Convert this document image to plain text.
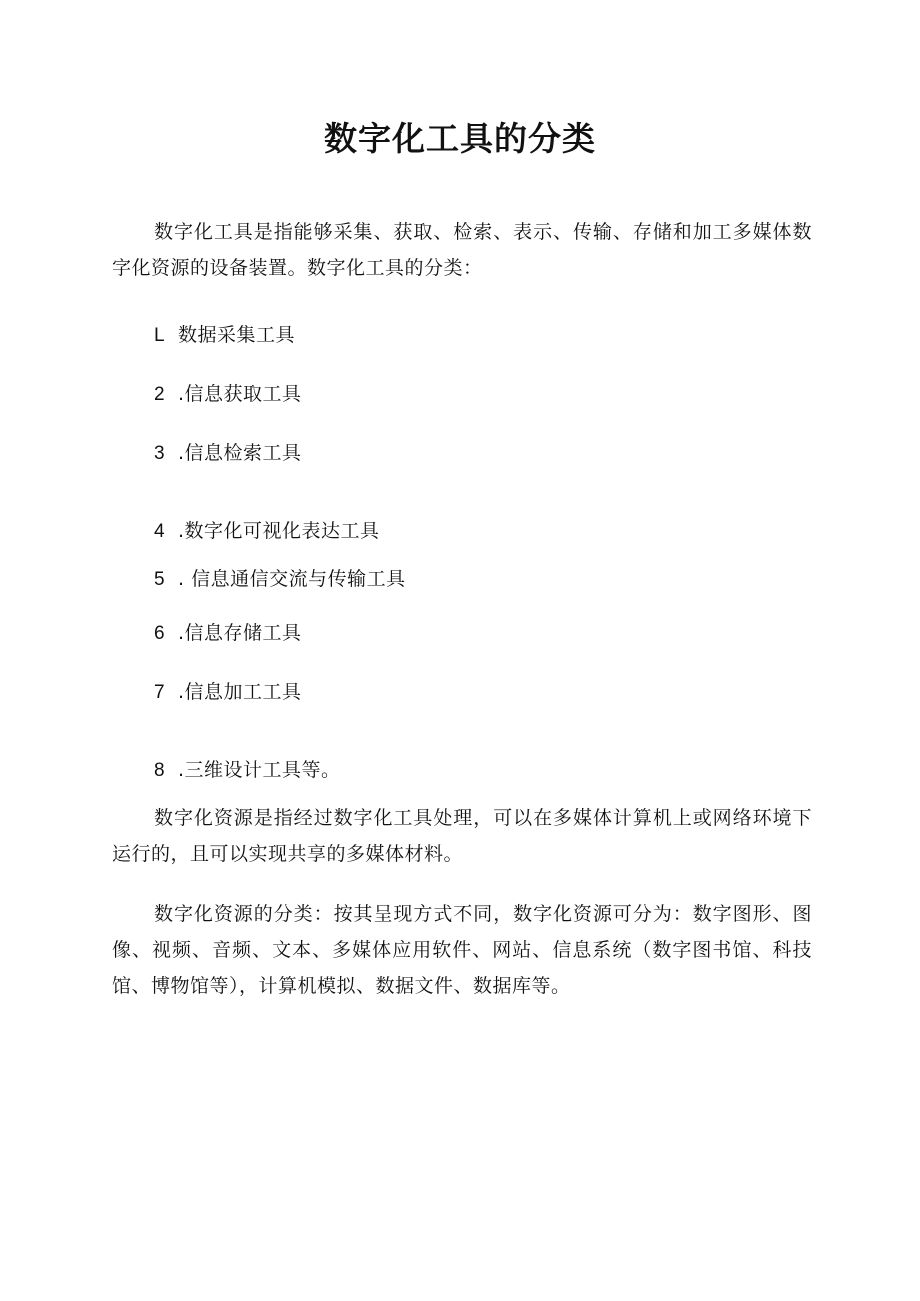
数字化工具的分类

数字化工具是指能够采集、获取、检索、表示、传输、存储和加工多媒体数字化资源的设备装置。数字化工具的分类：

L 数据采集工具

2 .信息获取工具

3 .信息检索工具

4 .数字化可视化表达工具

5 . 信息通信交流与传输工具

6 .信息存储工具

7 .信息加工工具

8 .三维设计工具等。

数字化资源是指经过数字化工具处理，可以在多媒体计算机上或网络环境下运行的，且可以实现共享的多媒体材料。

数字化资源的分类：按其呈现方式不同，数字化资源可分为：数字图形、图像、视频、音频、文本、多媒体应用软件、网站、信息系统（数字图书馆、科技馆、博物馆等），计算机模拟、数据文件、数据库等。
